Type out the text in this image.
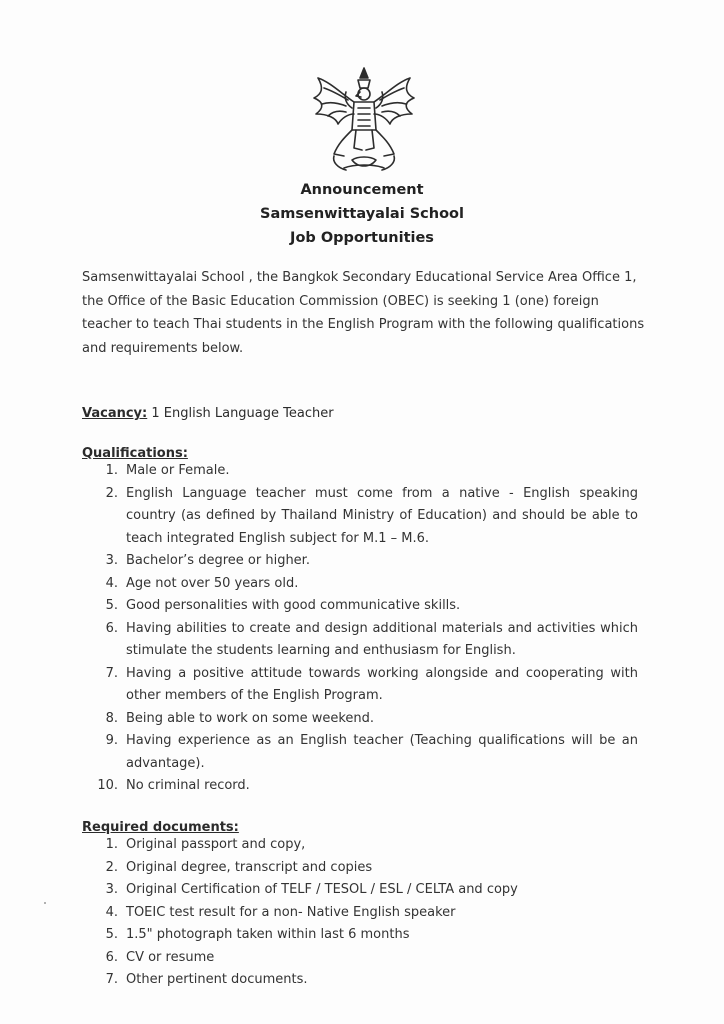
Announcement
Samsenwittayalai School
Job Opportunities
Samsenwittayalai School , the Bangkok Secondary Educational Service Area Office 1, the Office of the Basic Education Commission (OBEC) is seeking 1 (one) foreign teacher to teach Thai students in the English Program with the following qualifications and requirements below.
Vacancy: 1 English Language Teacher
Qualifications:
1. Male or Female.
2. English Language teacher must come from a native - English speaking country (as defined by Thailand Ministry of Education) and should be able to teach integrated English subject for M.1 – M.6.
3. Bachelor’s degree or higher.
4. Age not over 50 years old.
5. Good personalities with good communicative skills.
6. Having abilities to create and design additional materials and activities which stimulate the students learning and enthusiasm for English.
7. Having a positive attitude towards working alongside and cooperating with other members of the English Program.
8. Being able to work on some weekend.
9. Having experience as an English teacher (Teaching qualifications will be an advantage).
10. No criminal record.
Required documents:
1. Original passport and copy,
2. Original degree, transcript and copies
3. Original Certification of TELF / TESOL / ESL / CELTA and copy
4. TOEIC test result for a non- Native English speaker
5. 1.5" photograph taken within last 6 months
6. CV or resume
7. Other pertinent documents.
